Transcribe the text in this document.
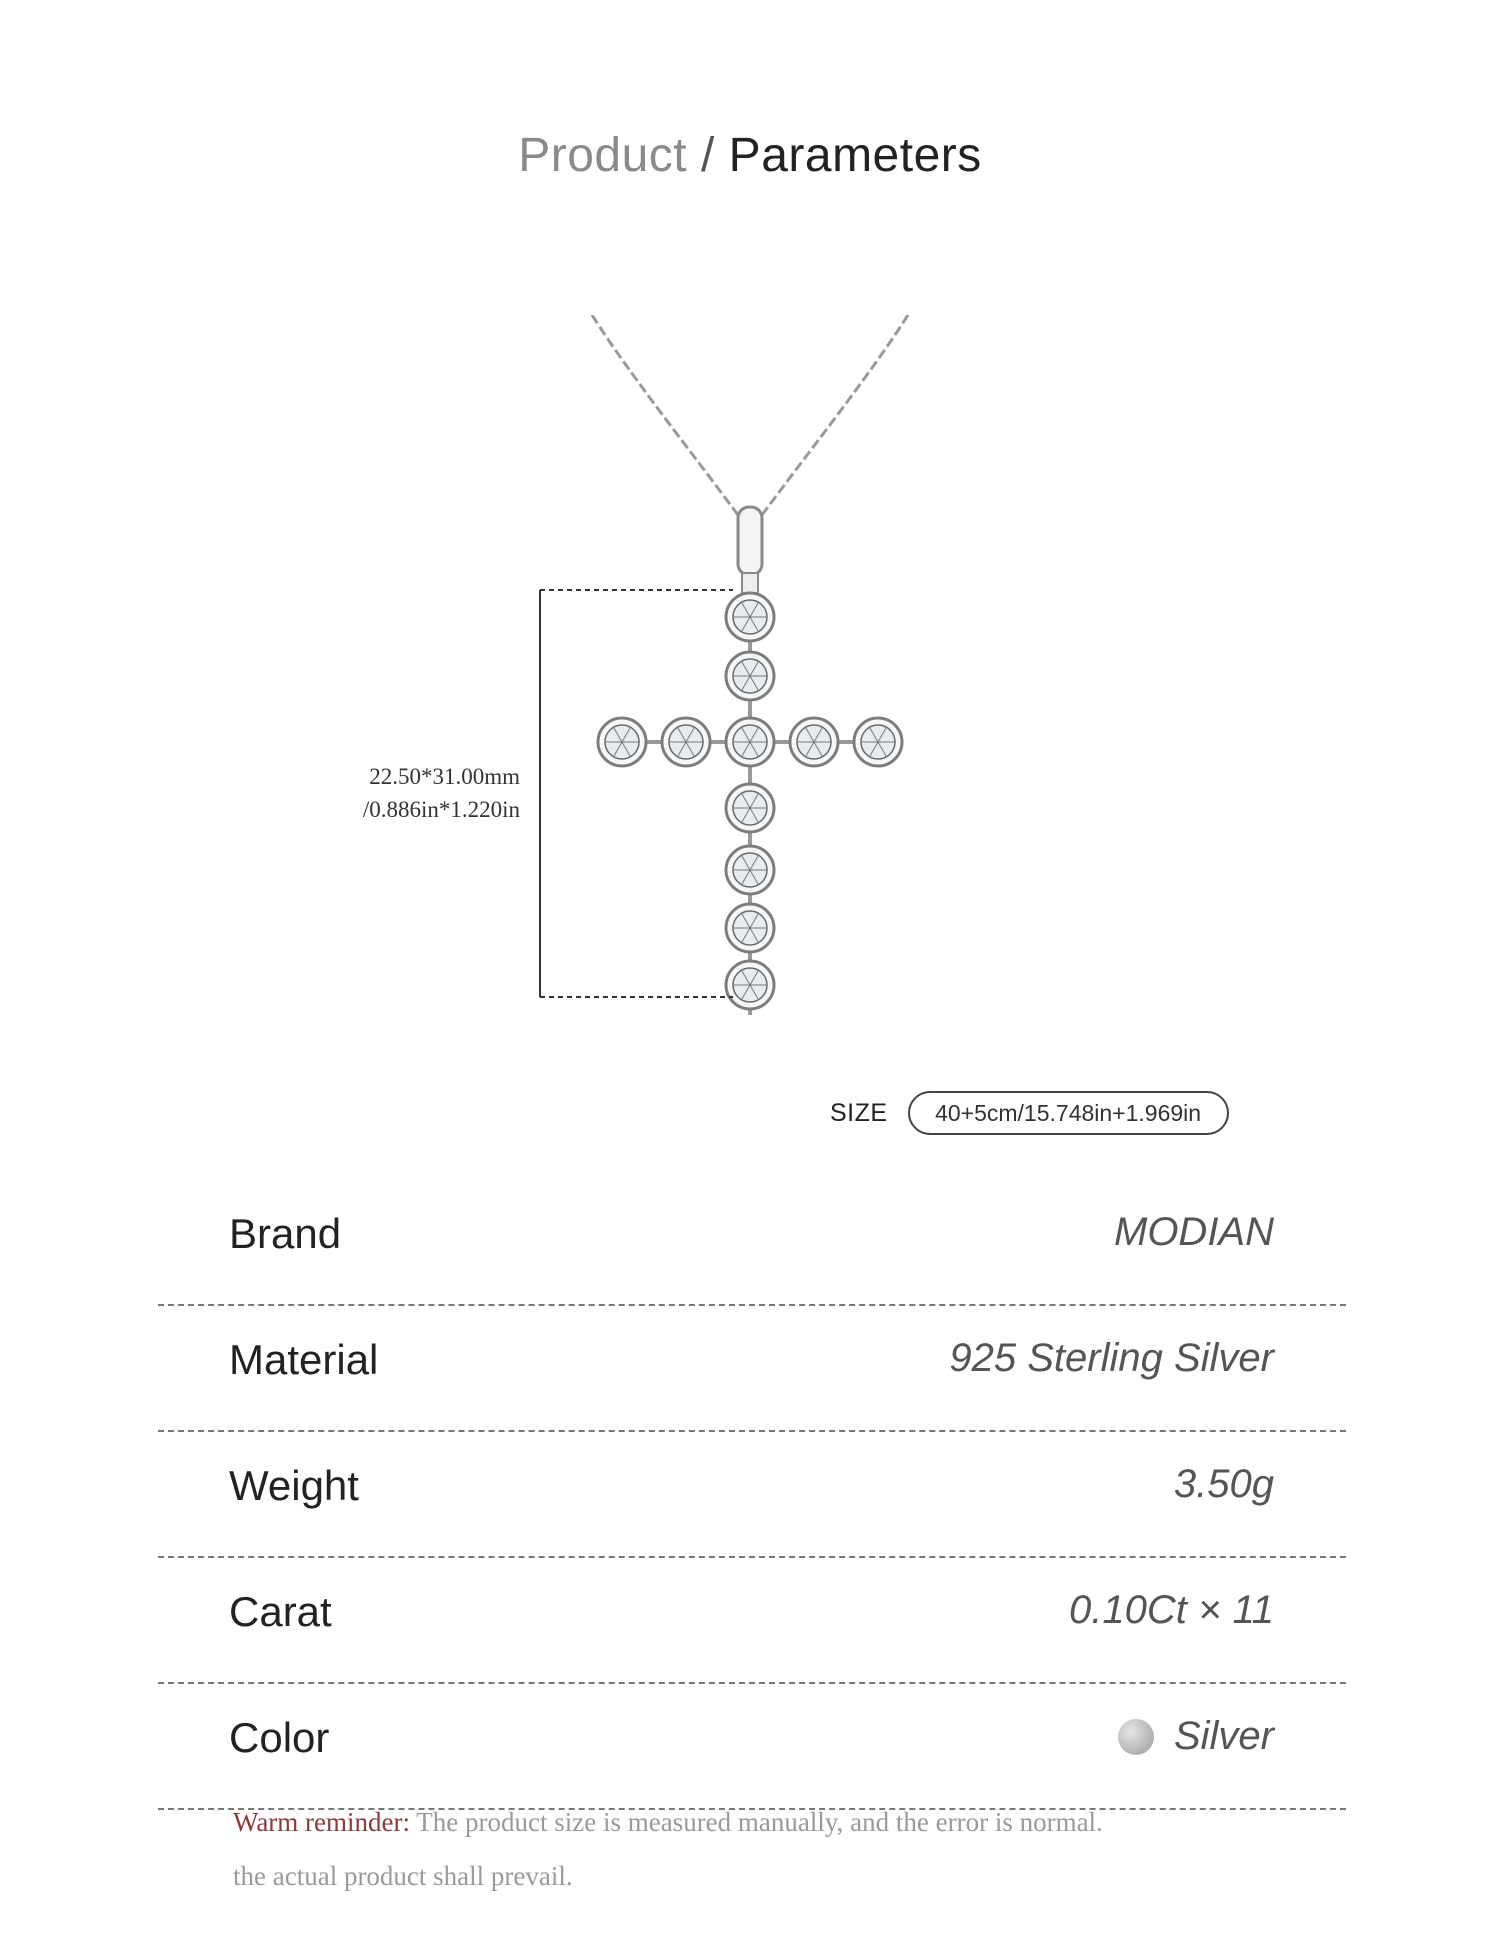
Product / Parameters
22.50*31.00mm
/0.886in*1.220in
SIZE	40+5cm/15.748in+1.969in
Brand	MODIAN
Material	925 Sterling Silver
Weight	3.50g
Carat	0.10Ct × 11
Color	Silver
Warm reminder: The product size is measured manually, and the error is normal.
the actual product shall prevail.
